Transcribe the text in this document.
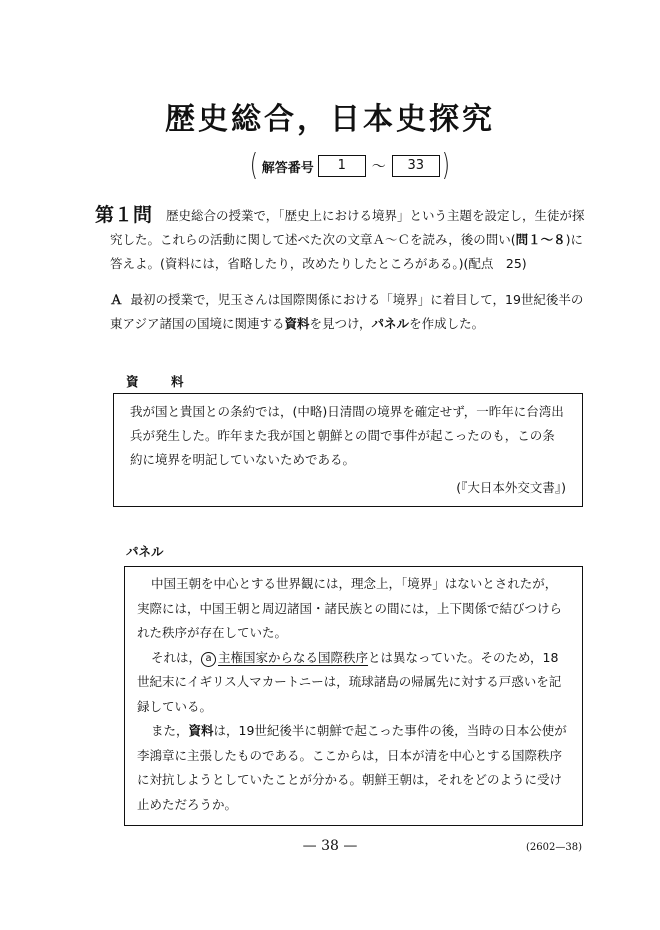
歴史総合，日本史探究
( 解答番号	1	～	33 )
第１問	歴史総合の授業で，「歴史上における境界」という主題を設定し，生徒が探究した。これらの活動に関して述べた次の文章Ａ～Ｃを読み，後の問い(問１～８)に答えよ。(資料には，省略したり，改めたりしたところがある。)(配点　25)
Ａ 最初の授業で，児玉さんは国際関係における「境界」に着目して，19世紀後半の東アジア諸国の国境に関連する資料を見つけ，パネルを作成した。
資　料
我が国と貴国との条約では，(中略)日清間の境界を確定せず，一昨年に台湾出兵が発生した。昨年また我が国と朝鮮との間で事件が起こったのも，この条約に境界を明記していないためである。
(『大日本外交文書』)
パネル

中国王朝を中心とする世界観には，理念上，「境界」はないとされたが，実際には，中国王朝と周辺諸国・諸民族との間には，上下関係で結びつけられた秩序が存在していた。

それは， a 主権国家からなる国際秩序とは異なっていた。そのため，18世紀末にイギリス人マカートニーは，琉球諸島の帰属先に対する戸惑いを記録している。

また，資料は，19世紀後半に朝鮮で起こった事件の後，当時の日本公使が李鴻章に主張したものである。ここからは，日本が清を中心とする国際秩序に対抗しようとしていたことが分かる。朝鮮王朝は，それをどのように受け止めただろうか。

— 38 —	(2602—38)
